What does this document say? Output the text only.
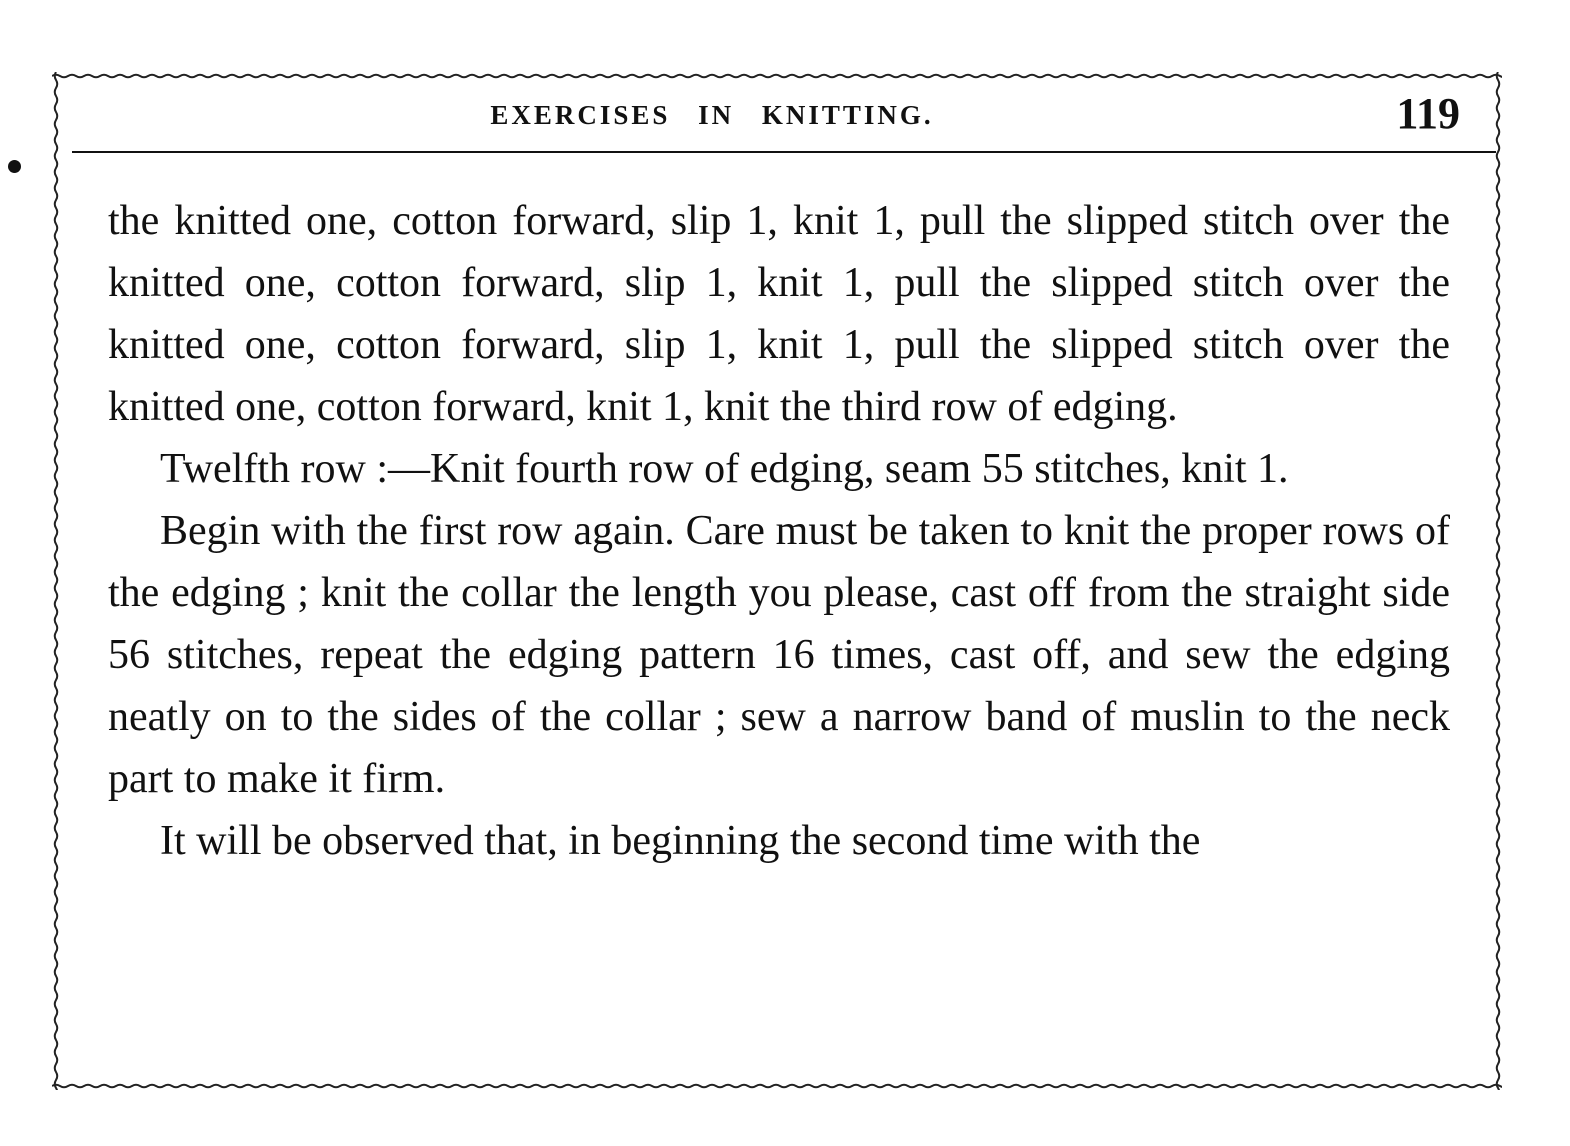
EXERCISES IN KNITTING.	119

the knitted one, cotton forward, slip 1, knit 1, pull the slipped stitch over the knitted one, cotton forward, slip 1, knit 1, pull the slipped stitch over the knitted one, cotton forward, slip 1, knit 1, pull the slipped stitch over the knitted one, cotton forward, knit 1, knit the third row of edging.

Twelfth row :—Knit fourth row of edging, seam 55 stitches, knit 1.

Begin with the first row again. Care must be taken to knit the proper rows of the edging ; knit the collar the length you please, cast off from the straight side 56 stitches, repeat the edging pattern 16 times, cast off, and sew the edging neatly on to the sides of the collar ; sew a narrow band of muslin to the neck part to make it firm.

It will be observed that, in beginning the second time with the
